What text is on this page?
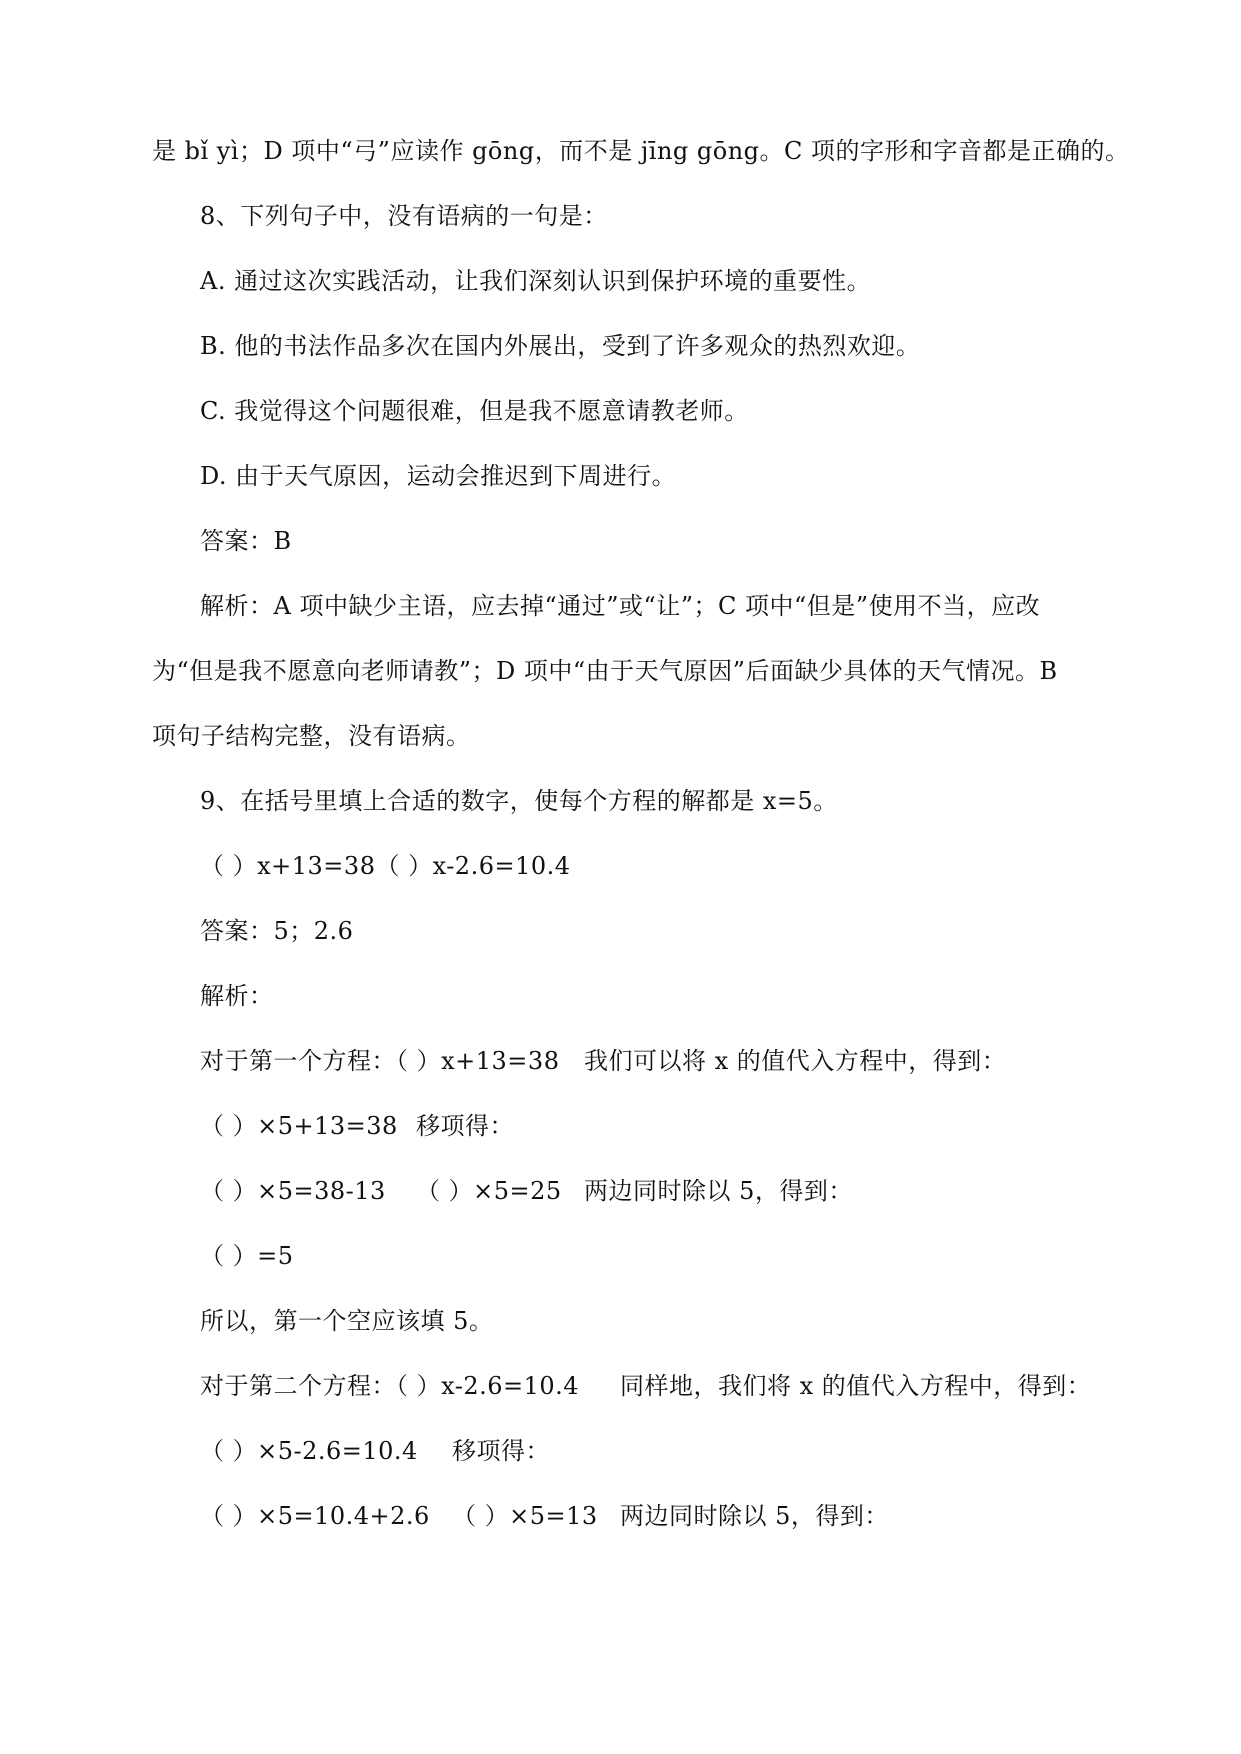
是 bǐ yì；D 项中“弓”应读作 gōng，而不是 jīng gōng。C 项的字形和字音都是正确的。
8、下列句子中，没有语病的一句是：
A. 通过这次实践活动，让我们深刻认识到保护环境的重要性。
B. 他的书法作品多次在国内外展出，受到了许多观众的热烈欢迎。
C. 我觉得这个问题很难，但是我不愿意请教老师。
D. 由于天气原因，运动会推迟到下周进行。
答案：B
解析：A 项中缺少主语，应去掉“通过”或“让”；C 项中“但是”使用不当，应改
为“但是我不愿意向老师请教”；D 项中“由于天气原因”后面缺少具体的天气情况。B
项句子结构完整，没有语病。
9、在括号里填上合适的数字，使每个方程的解都是 x=5。
（ ）x+13=38（ ）x-2.6=10.4
答案：5；2.6
解析：
对于第一个方程：（ ）x+13=38 我们可以将 x 的值代入方程中，得到：
（ ）×5+13=38 移项得：
（ ）×5=38-13 （ ）×5=25 两边同时除以 5，得到：
（ ）=5
所以，第一个空应该填 5。
对于第二个方程：（ ）x-2.6=10.4 同样地，我们将 x 的值代入方程中，得到：
（ ）×5-2.6=10.4 移项得：
（ ）×5=10.4+2.6 （ ）×5=13 两边同时除以 5，得到：
